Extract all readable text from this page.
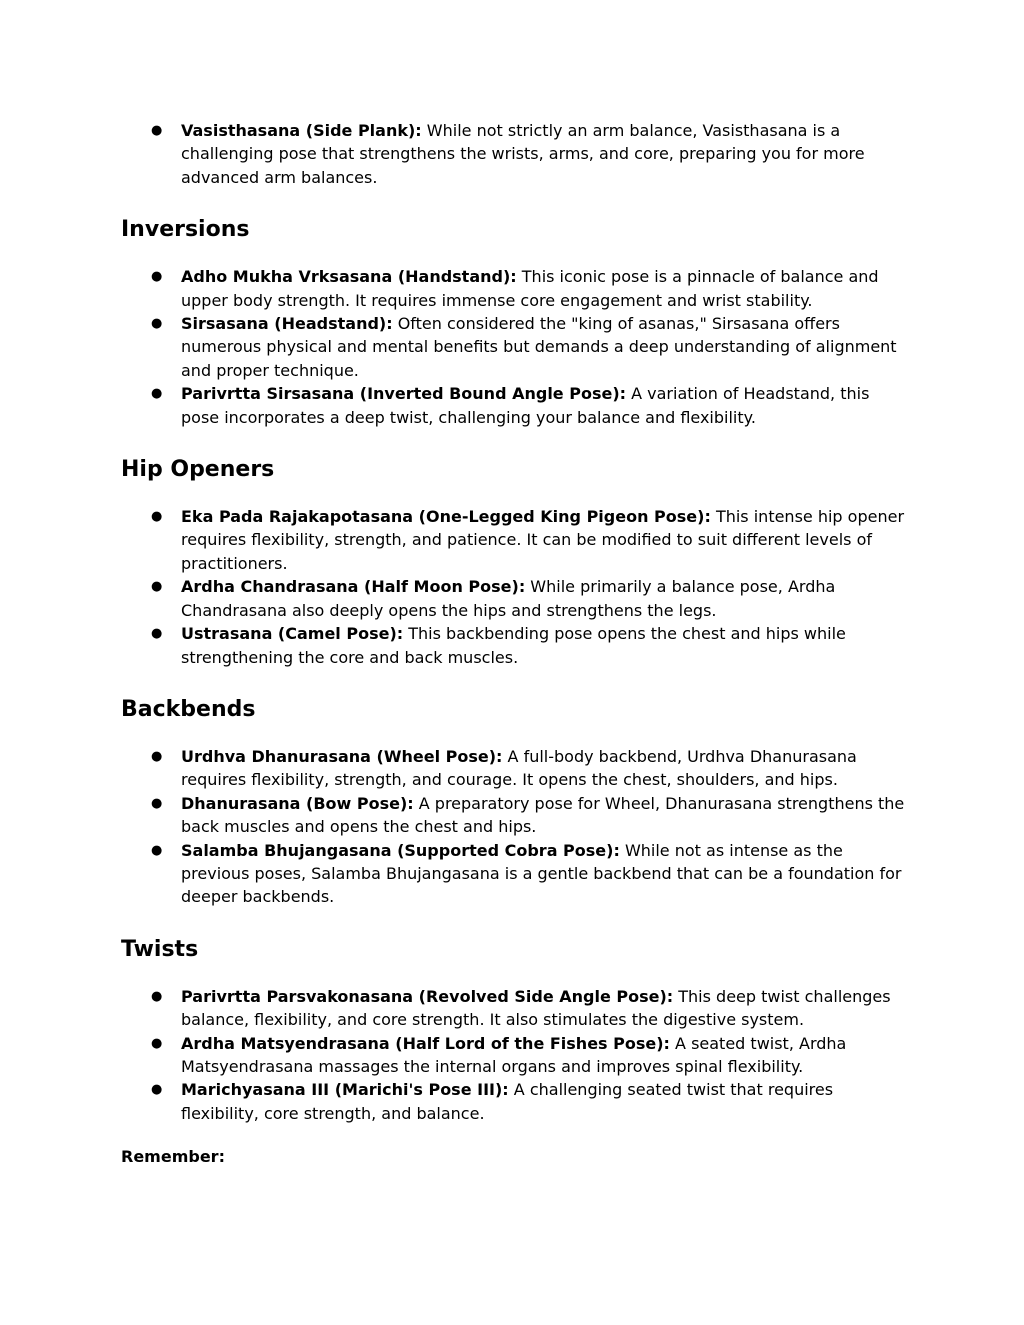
● Vasisthasana (Side Plank): While not strictly an arm balance, Vasisthasana is a challenging pose that strengthens the wrists, arms, and core, preparing you for more advanced arm balances.
Inversions
● Adho Mukha Vrksasana (Handstand): This iconic pose is a pinnacle of balance and upper body strength. It requires immense core engagement and wrist stability.
● Sirsasana (Headstand): Often considered the "king of asanas," Sirsasana offers numerous physical and mental benefits but demands a deep understanding of alignment and proper technique.
● Parivrtta Sirsasana (Inverted Bound Angle Pose): A variation of Headstand, this pose incorporates a deep twist, challenging your balance and flexibility.
Hip Openers
● Eka Pada Rajakapotasana (One-Legged King Pigeon Pose): This intense hip opener requires flexibility, strength, and patience. It can be modified to suit different levels of practitioners.
● Ardha Chandrasana (Half Moon Pose): While primarily a balance pose, Ardha Chandrasana also deeply opens the hips and strengthens the legs.
● Ustrasana (Camel Pose): This backbending pose opens the chest and hips while strengthening the core and back muscles.
Backbends
● Urdhva Dhanurasana (Wheel Pose): A full-body backbend, Urdhva Dhanurasana requires flexibility, strength, and courage. It opens the chest, shoulders, and hips.
● Dhanurasana (Bow Pose): A preparatory pose for Wheel, Dhanurasana strengthens the back muscles and opens the chest and hips.
● Salamba Bhujangasana (Supported Cobra Pose): While not as intense as the previous poses, Salamba Bhujangasana is a gentle backbend that can be a foundation for deeper backbends.
Twists
● Parivrtta Parsvakonasana (Revolved Side Angle Pose): This deep twist challenges balance, flexibility, and core strength. It also stimulates the digestive system.
● Ardha Matsyendrasana (Half Lord of the Fishes Pose): A seated twist, Ardha Matsyendrasana massages the internal organs and improves spinal flexibility.
● Marichyasana III (Marichi's Pose III): A challenging seated twist that requires flexibility, core strength, and balance.

Remember:
